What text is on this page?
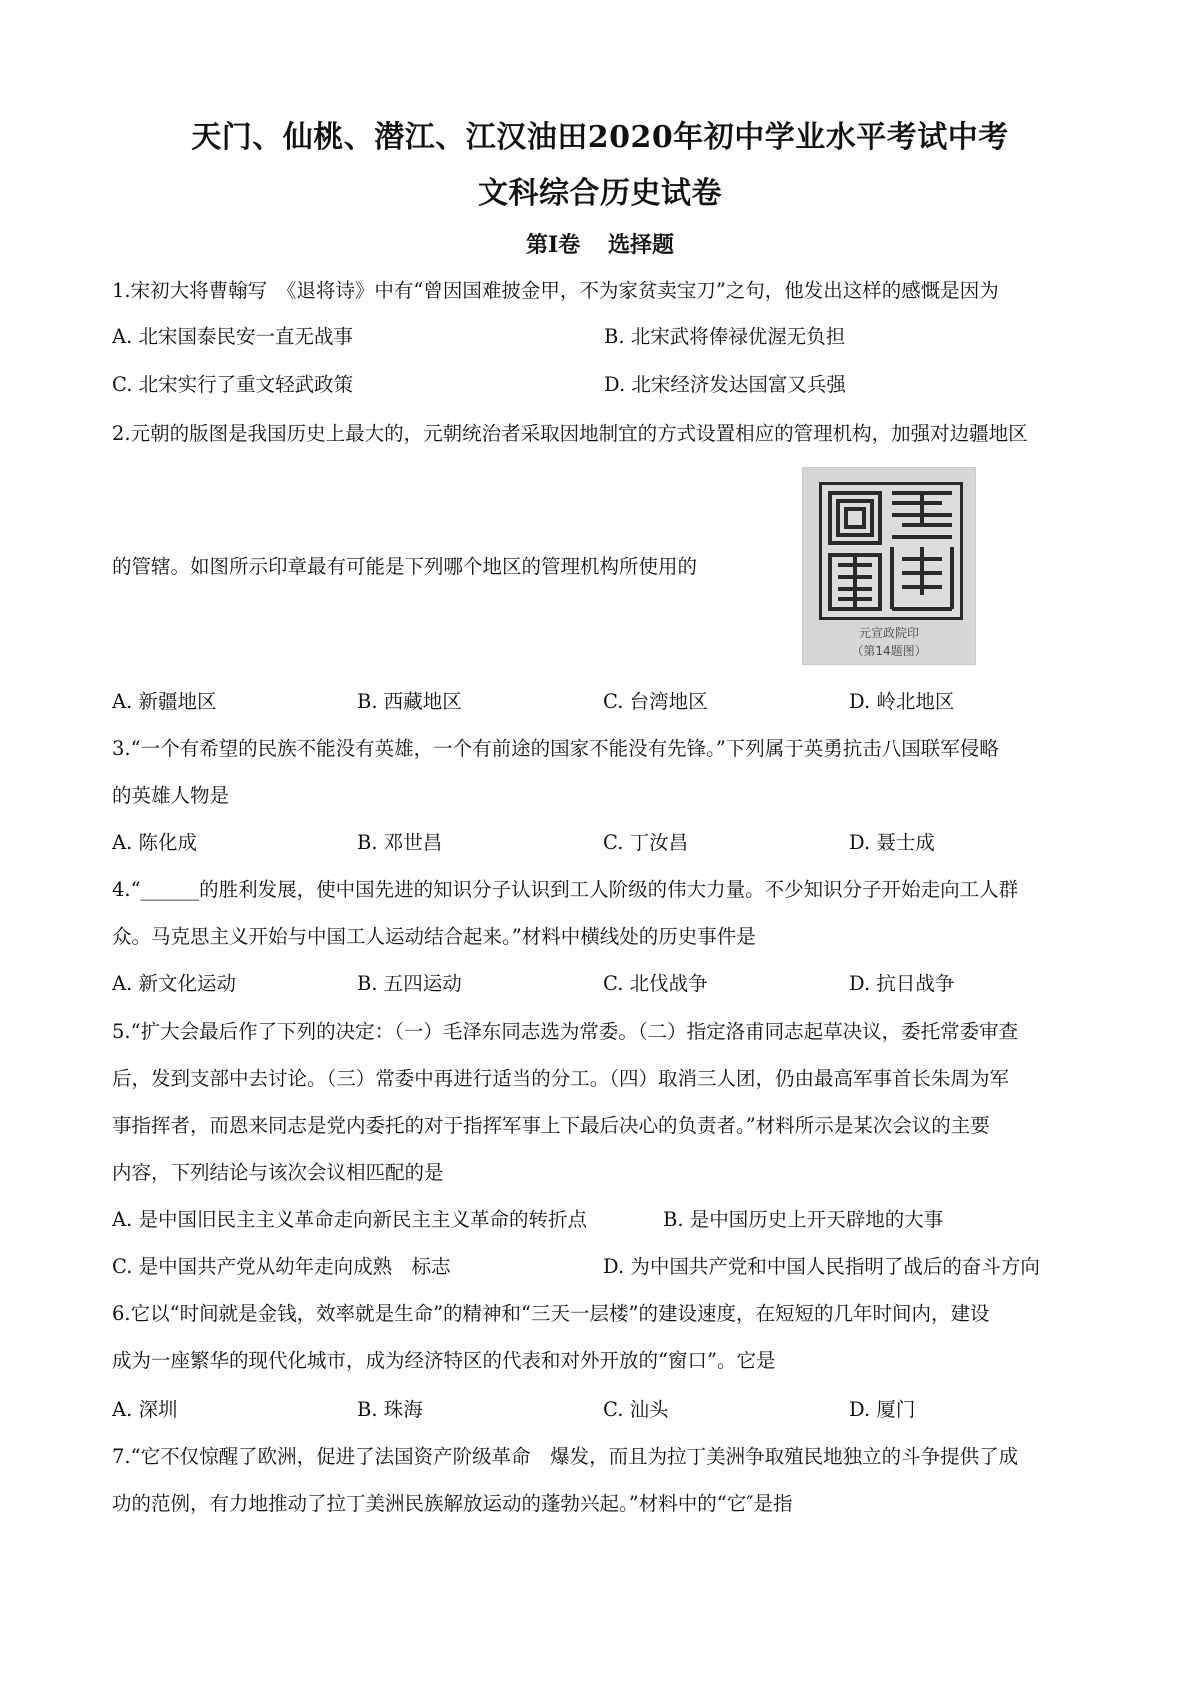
天门、仙桃、潜江、江汉油田2020年初中学业水平考试中考
文科综合历史试卷
第Ⅰ卷 选择题
1.宋初大将曹翰写　《退将诗》中有“曾因国难披金甲，不为家贫卖宝刀”之句，他发出这样的感慨是因为
A. 北宋国泰民安一直无战事	B. 北宋武将俸禄优渥无负担
C. 北宋实行了重文轻武政策	D. 北宋经济发达国富又兵强
2.元朝的版图是我国历史上最大的，元朝统治者采取因地制宜的方式设置相应的管理机构，加强对边疆地区
的管辖。如图所示印章最有可能是下列哪个地区的管理机构所使用的
元宣政院印
（第14题图）
A. 新疆地区	B. 西藏地区	C. 台湾地区	D. 岭北地区
3.“一个有希望的民族不能没有英雄，一个有前途的国家不能没有先锋。”下列属于英勇抗击八国联军侵略
的英雄人物是
A. 陈化成	B. 邓世昌	C. 丁汝昌	D. 聂士成
4.“______的胜利发展，使中国先进的知识分子认识到工人阶级的伟大力量。不少知识分子开始走向工人群
众。马克思主义开始与中国工人运动结合起来。”材料中横线处的历史事件是
A. 新文化运动	B. 五四运动	C. 北伐战争	D. 抗日战争
5.“扩大会最后作了下列的决定：（一）毛泽东同志选为常委。（二）指定洛甫同志起草决议，委托常委审查
后，发到支部中去讨论。（三）常委中再进行适当的分工。（四）取消三人团，仍由最高军事首长朱周为军
事指挥者，而恩来同志是党内委托的对于指挥军事上下最后决心的负责者。”材料所示是某次会议的主要
内容，下列结论与该次会议相匹配的是
A. 是中国旧民主主义革命走向新民主主义革命的转折点	B. 是中国历史上开天辟地的大事
C. 是中国共产党从幼年走向成熟　标志	D. 为中国共产党和中国人民指明了战后的奋斗方向
6.它以“时间就是金钱，效率就是生命”的精神和“三天一层楼”的建设速度，在短短的几年时间内，建设
成为一座繁华的现代化城市，成为经济特区的代表和对外开放的“窗口”。它是
A. 深圳	B. 珠海	C. 汕头	D. 厦门
7.“它不仅惊醒了欧洲，促进了法国资产阶级革命　爆发，而且为拉丁美洲争取殖民地独立的斗争提供了成
功的范例，有力地推动了拉丁美洲民族解放运动的蓬勃兴起。”材料中的“它″是指
